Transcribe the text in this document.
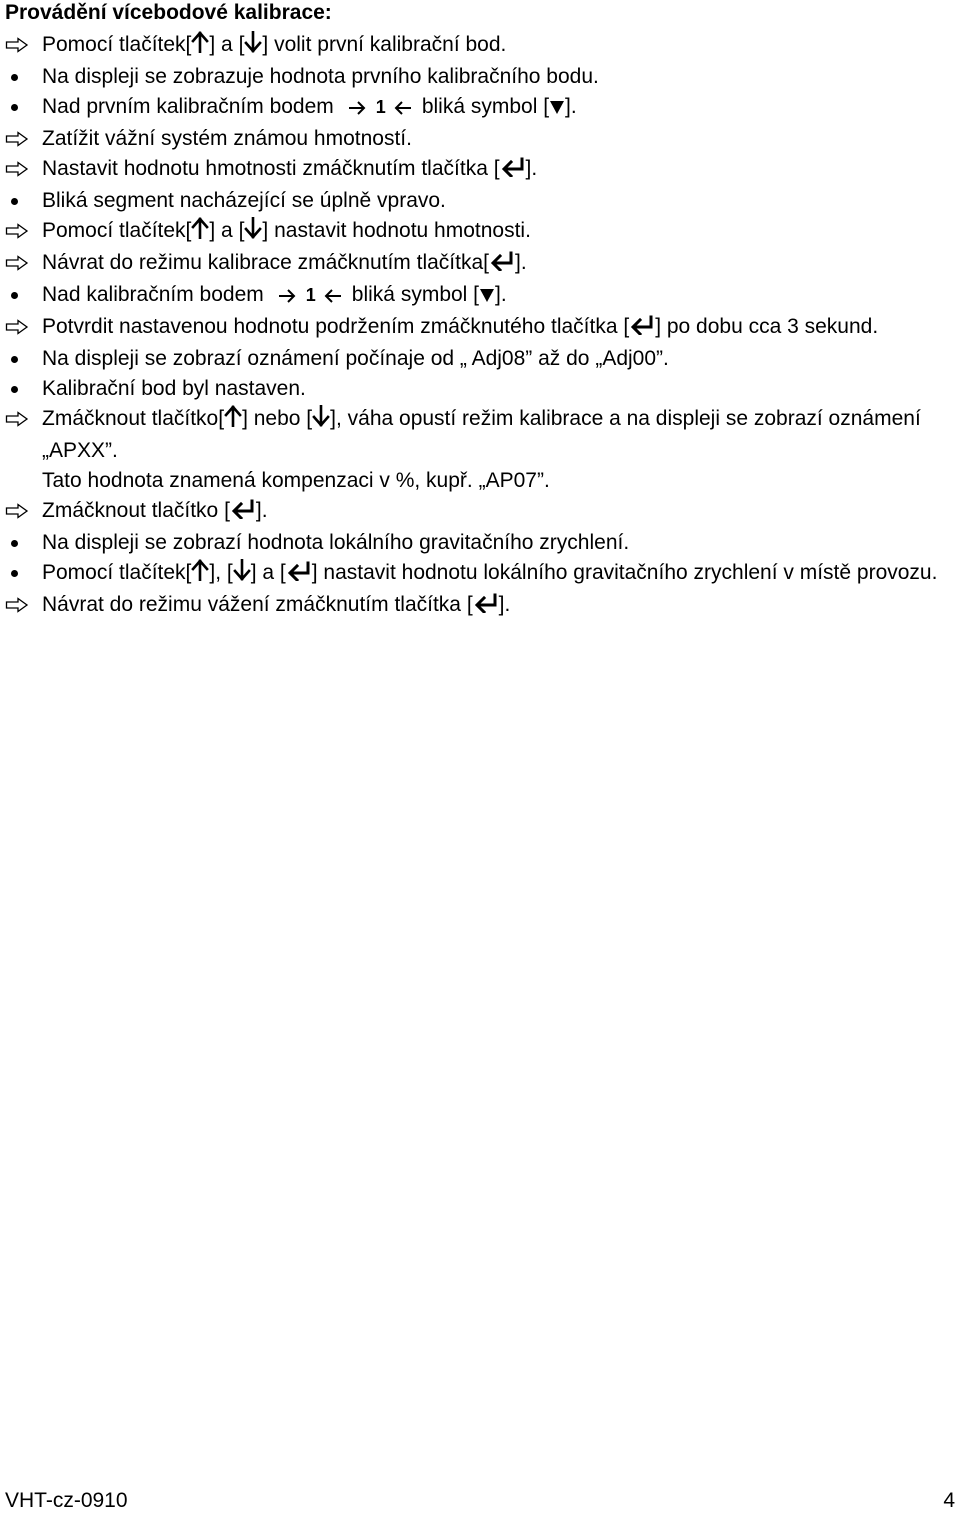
Provádění vícebodové kalibrace:
Pomocí tlačítek[ ] a [ ] volit první kalibrační bod.
Na displeji se zobrazuje hodnota prvního kalibračního bodu.
Nad prvním kalibračním bodem 1 bliká symbol [ ].
Zatížit vážní systém známou hmotností.
Nastavit hodnotu hmotnosti zmáčknutím tlačítka [ ].
Bliká segment nacházející se úplně vpravo.
Pomocí tlačítek[ ] a [ ] nastavit hodnotu hmotnosti.
Návrat do režimu kalibrace zmáčknutím tlačítka[ ].
Nad kalibračním bodem 1 bliká symbol [ ].
Potvrdit nastavenou hodnotu podržením zmáčknutého tlačítka [ ] po dobu cca 3 sekund.
Na displeji se zobrazí oznámení počínaje od „ Adj08” až do „Adj00”.
Kalibrační bod byl nastaven.
Zmáčknout tlačítko[ ] nebo [ ], váha opustí režim kalibrace a na displeji se zobrazí oznámení „APXX”.
Tato hodnota znamená kompenzaci v %, kupř. „AP07”.
Zmáčknout tlačítko [ ].
Na displeji se zobrazí hodnota lokálního gravitačního zrychlení.
Pomocí tlačítek[ ], [ ] a [ ] nastavit hodnotu lokálního gravitačního zrychlení v místě provozu.
Návrat do režimu vážení zmáčknutím tlačítka [ ].
VHT-cz-0910	4
